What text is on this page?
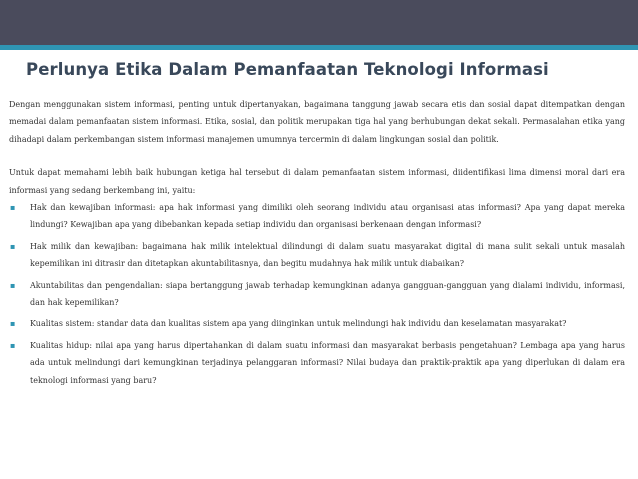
Perlunya Etika Dalam Pemanfaatan Teknologi Informasi

Dengan menggunakan sistem informasi, penting untuk dipertanyakan, bagaimana tanggung jawab secara etis dan sosial dapat ditempatkan dengan memadai dalam pemanfaatan sistem informasi. Etika, sosial, dan politik merupakan tiga hal yang berhubungan dekat sekali. Permasalahan etika yang dihadapi dalam perkembangan sistem informasi manajemen umumnya tercermin di dalam lingkungan sosial dan politik.

Untuk dapat memahami lebih baik hubungan ketiga hal tersebut di dalam pemanfaatan sistem informasi, diidentifikasi lima dimensi moral dari era informasi yang sedang berkembang ini, yaitu:

▪ Hak dan kewajiban informasi: apa hak informasi yang dimiliki oleh seorang individu atau organisasi atas informasi? Apa yang dapat mereka lindungi? Kewajiban apa yang dibebankan kepada setiap individu dan organisasi berkenaan dengan informasi?
▪ Hak milik dan kewajiban: bagaimana hak milik intelektual dilindungi di dalam suatu masyarakat digital di mana sulit sekali untuk masalah kepemilikan ini ditrasir dan ditetapkan akuntabilitasnya, dan begitu mudahnya hak milik untuk diabaikan?
▪ Akuntabilitas dan pengendalian: siapa bertanggung jawab terhadap kemungkinan adanya gangguan-gangguan yang dialami individu, informasi, dan hak kepemilikan?
▪ Kualitas sistem: standar data dan kualitas sistem apa yang diinginkan untuk melindungi hak individu dan keselamatan masyarakat?
▪ Kualitas hidup: nilai apa yang harus dipertahankan di dalam suatu informasi dan masyarakat berbasis pengetahuan? Lembaga apa yang harus ada untuk melindungi dari kemungkinan terjadinya pelanggaran informasi? Nilai budaya dan praktik-praktik apa yang diperlukan di dalam era teknologi informasi yang baru?
